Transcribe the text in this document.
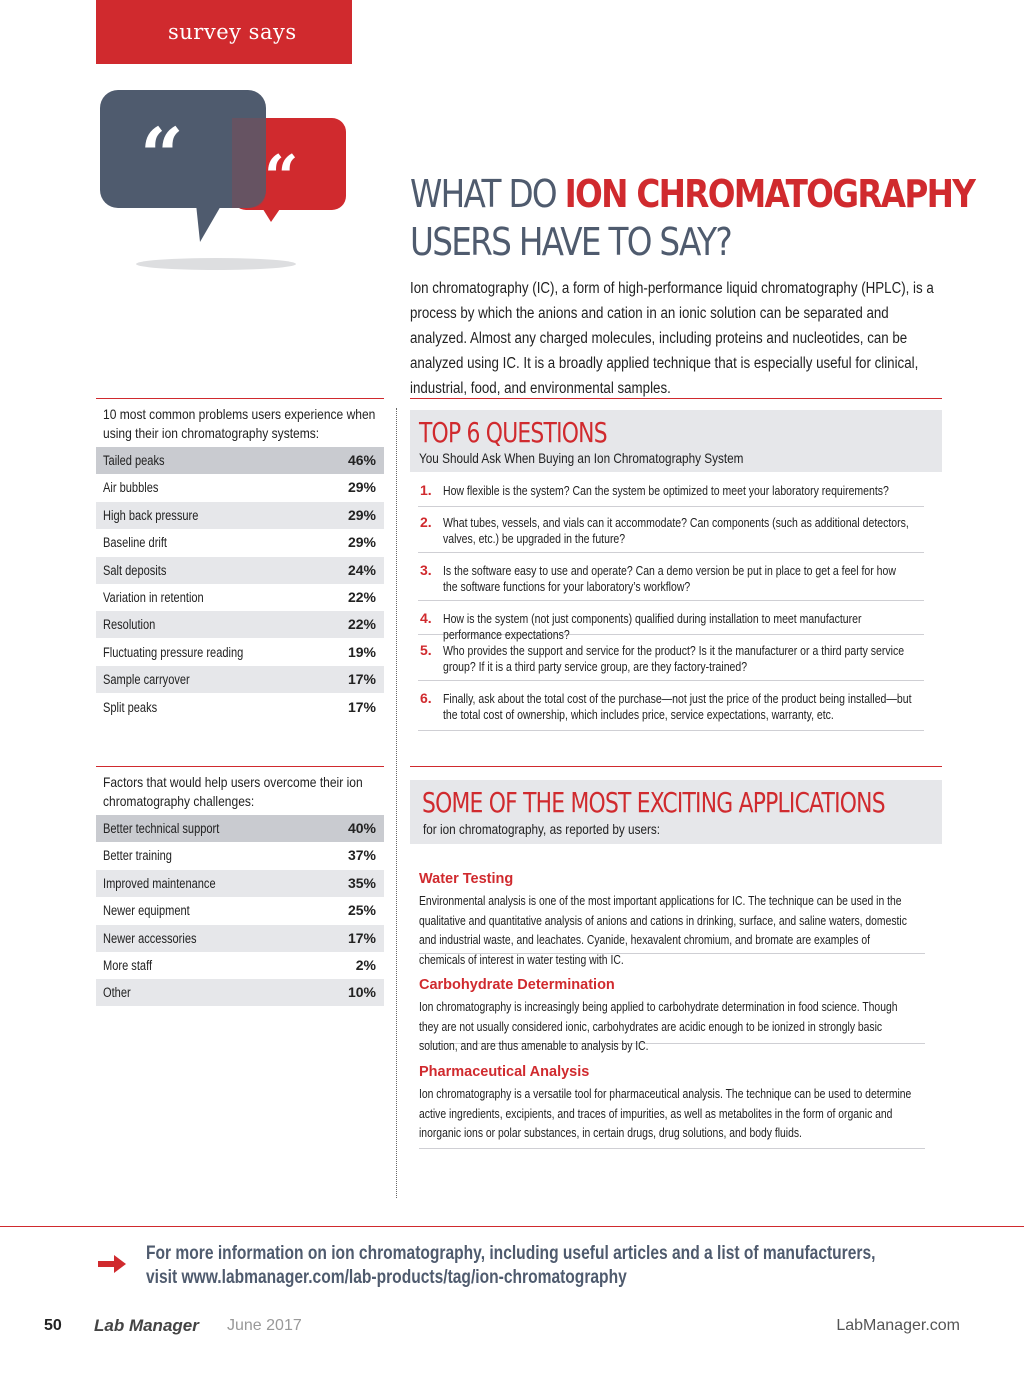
survey says
“ “	WHAT DO ION CHROMATOGRAPHY
USERS HAVE TO SAY?
Ion chromatography (IC), a form of high-performance liquid chromatography (HPLC), is a process by which the anions and cation in an ionic solution can be separated and analyzed. Almost any charged molecules, including proteins and nucleotides, can be analyzed using IC. It is a broadly applied technique that is especially useful for clinical, industrial, food, and environmental samples.
10 most common problems users experience when using their ion chromatography systems:
Tailed peaks	46%
Air bubbles	29%
High back pressure	29%
Baseline drift	29%
Salt deposits	24%
Variation in retention	22%
Resolution	22%
Fluctuating pressure reading	19%
Sample carryover	17%
Split peaks	17%
Factors that would help users overcome their ion chromatography challenges:
Better technical support	40%
Better training	37%
Improved maintenance	35%
Newer equipment	25%
Newer accessories	17%
More staff	2%
Other	10%
TOP 6 QUESTIONS
You Should Ask When Buying an Ion Chromatography System
1. How flexible is the system? Can the system be optimized to meet your laboratory requirements?
2. What tubes, vessels, and vials can it accommodate? Can components (such as additional detectors, valves, etc.) be upgraded in the future?
3. Is the software easy to use and operate? Can a demo version be put in place to get a feel for how the software functions for your laboratory’s workflow?
4. How is the system (not just components) qualified during installation to meet manufacturer performance expectations?
5. Who provides the support and service for the product? Is it the manufacturer or a third party service group? If it is a third party service group, are they factory-trained?
6. Finally, ask about the total cost of the purchase—not just the price of the product being installed—but the total cost of ownership, which includes price, service expectations, warranty, etc.
SOME OF THE MOST EXCITING APPLICATIONS
for ion chromatography, as reported by users:
Water Testing
Environmental analysis is one of the most important applications for IC. The technique can be used in the qualitative and quantitative analysis of anions and cations in drinking, surface, and saline waters, domestic and industrial waste, and leachates. Cyanide, hexavalent chromium, and bromate are examples of chemicals of interest in water testing with IC.
Carbohydrate Determination
Ion chromatography is increasingly being applied to carbohydrate determination in food science. Though they are not usually considered ionic, carbohydrates are acidic enough to be ionized in strongly basic solution, and are thus amenable to analysis by IC.
Pharmaceutical Analysis
Ion chromatography is a versatile tool for pharmaceutical analysis. The technique can be used to determine active ingredients, excipients, and traces of impurities, as well as metabolites in the form of organic and inorganic ions or polar substances, in certain drugs, drug solutions, and body fluids.
For more information on ion chromatography, including useful articles and a list of manufacturers,
visit www.labmanager.com/lab-products/tag/ion-chromatography
50 Lab Manager June 2017	LabManager.com
